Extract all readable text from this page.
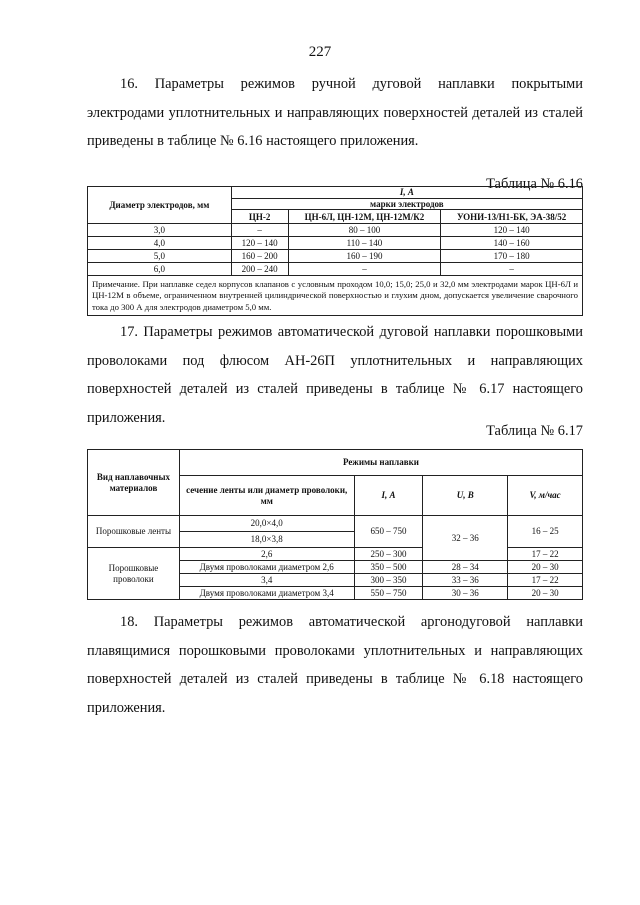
227
16. Параметры режимов ручной дуговой наплавки покрытыми
электродами уплотнительных и направляющих поверхностей деталей из сталей
приведены в таблице № 6.16 настоящего приложения.
Таблица № 6.16
Диаметр электродов, мм	I, А		
	марки электродов		
	ЦН-2	ЦН-6Л, ЦН-12М, ЦН-12М/К2	УОНИ-13/Н1-БК, ЭА-38/52
3,0	–	80 – 100	120 – 140
4,0	120 – 140	110 – 140	140 – 160
5,0	160 – 200	160 – 190	170 – 180
6,0	200 – 240	–	–
Примечание. При наплавке седел корпусов клапанов с условным проходом 10,0; 15,0; 25,0 и 32,0 мм электродами марок ЦН-6Л и ЦН-12М в объеме, ограниченном внутренней цилиндрической поверхностью и глухим дном, допускается увеличение сварочного тока до 300 А для электродов диаметром 5,0 мм.			
17. Параметры режимов автоматической дуговой наплавки порошковыми
проволоками под флюсом АН-26П уплотнительных и направляющих
поверхностей деталей из сталей приведены в таблице № 6.17 настоящего
приложения.
Таблица № 6.17
Вид наплавочных материалов	Режимы наплавки			
	сечение ленты или диаметр проволоки, мм	I, А	U, В	V, м/час
Порошковые ленты	20,0×4,0	650 – 750	32 – 36	16 – 25
	18,0×3,8			
Порошковые проволоки	2,6	250 – 300		17 – 22
	Двумя проволоками диаметром 2,6	350 – 500	28 – 34	20 – 30
	3,4	300 – 350	33 – 36	17 – 22
	Двумя проволоками диаметром 3,4	550 – 750	30 – 36	20 – 30
18. Параметры режимов автоматической аргонодуговой наплавки
плавящимися порошковыми проволоками уплотнительных и направляющих
поверхностей деталей из сталей приведены в таблице № 6.18 настоящего
приложения.
